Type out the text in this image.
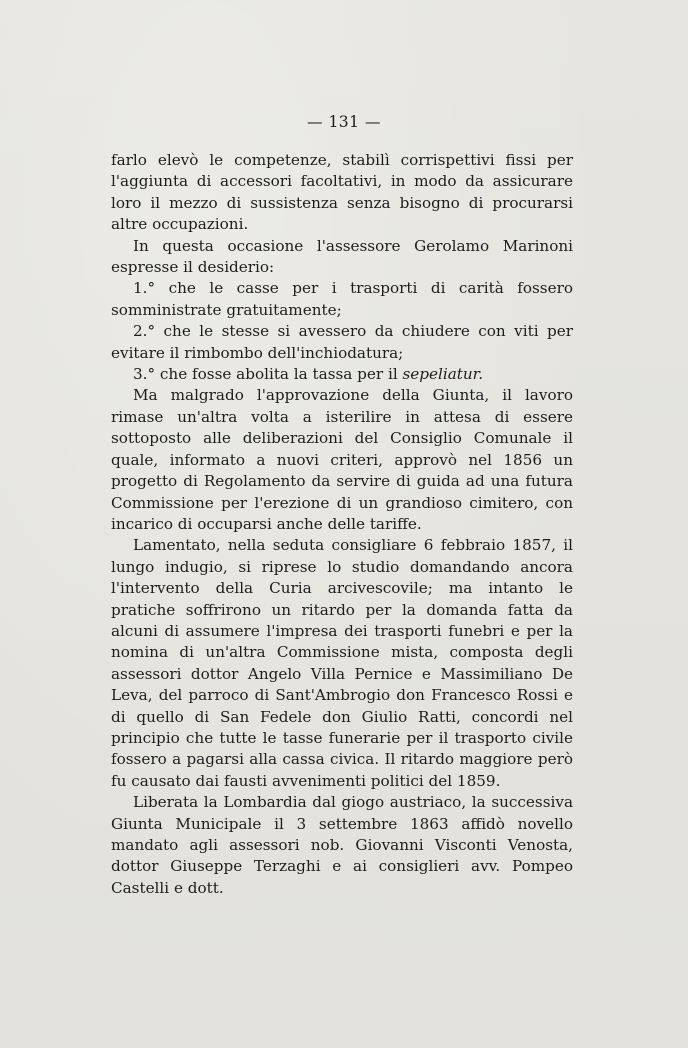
— 131 —

farlo elevò le competenze, stabilì corrispettivi fissi per l'aggiunta di accessori facoltativi, in modo da assicurare loro il mezzo di sussistenza senza bisogno di procurarsi altre occupazioni.

In questa occasione l'assessore Gerolamo Marinoni espresse il desiderio:

1.° che le casse per i trasporti di carità fossero somministrate gratuitamente;

2.° che le stesse si avessero da chiudere con viti per evitare il rimbombo dell'inchiodatura;

3.° che fosse abolita la tassa per il sepeliatur.

Ma malgrado l'approvazione della Giunta, il lavoro rimase un'altra volta a isterilire in attesa di essere sottoposto alle deliberazioni del Consiglio Comunale il quale, informato a nuovi criteri, approvò nel 1856 un progetto di Regolamento da servire di guida ad una futura Commissione per l'erezione di un grandioso cimitero, con incarico di occuparsi anche delle tariffe.

Lamentato, nella seduta consigliare 6 febbraio 1857, il lungo indugio, si riprese lo studio domandando ancora l'intervento della Curia arcivescovile; ma intanto le pratiche soffrirono un ritardo per la domanda fatta da alcuni di assumere l'impresa dei trasporti funebri e per la nomina di un'altra Commissione mista, composta degli assessori dottor Angelo Villa Pernice e Massimiliano De Leva, del parroco di Sant'Ambrogio don Francesco Rossi e di quello di San Fedele don Giulio Ratti, concordi nel principio che tutte le tasse funerarie per il trasporto civile fossero a pagarsi alla cassa civica. Il ritardo maggiore però fu causato dai fausti avvenimenti politici del 1859.

Liberata la Lombardia dal giogo austriaco, la successiva Giunta Municipale il 3 settembre 1863 affidò novello mandato agli assessori nob. Giovanni Visconti Venosta, dottor Giuseppe Terzaghi e ai consiglieri avv. Pompeo Castelli e dott.
